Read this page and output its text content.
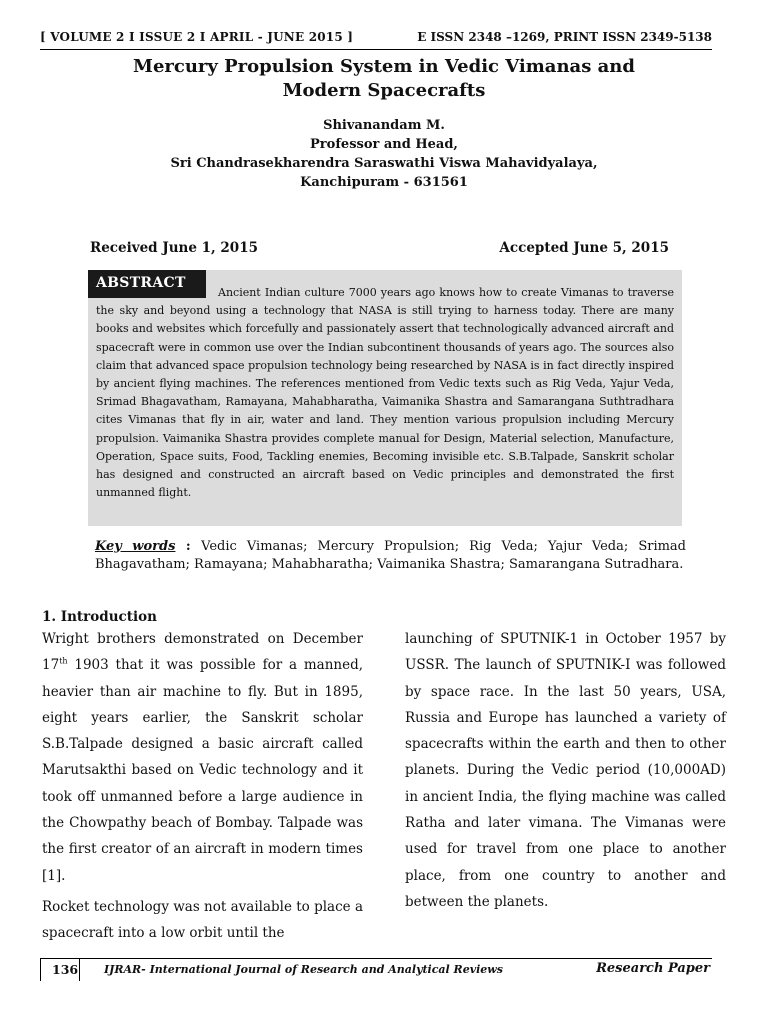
[ VOLUME 2 I ISSUE 2 I APRIL - JUNE 2015 ]	E ISSN 2348 –1269, PRINT ISSN 2349-5138
Mercury Propulsion System in Vedic Vimanas and
Modern Spacecrafts
Shivanandam M.
Professor and Head,
Sri Chandrasekharendra Saraswathi Viswa Mahavidyalaya,
Kanchipuram - 631561
Received June 1, 2015	Accepted June 5, 2015
Ancient Indian culture 7000 years ago knows how to create Vimanas to traverse the sky and beyond using a technology that NASA is still trying to harness today. There are many books and websites which forcefully and passionately assert that technologically advanced aircraft and spacecraft were in common use over the Indian subcontinent thousands of years ago. The sources also claim that advanced space propulsion technology being researched by NASA is in fact directly inspired by ancient flying machines. The references mentioned from Vedic texts such as Rig Veda, Yajur Veda, Srimad Bhagavatham, Ramayana, Mahabharatha, Vaimanika Shastra and Samarangana Suthtradhara cites Vimanas that fly in air, water and land. They mention various propulsion including Mercury propulsion. Vaimanika Shastra provides complete manual for Design, Material selection, Manufacture, Operation, Space suits, Food, Tackling enemies, Becoming invisible etc. S.B.Talpade, Sanskrit scholar has designed and constructed an aircraft based on Vedic principles and demonstrated the first unmanned flight.
ABSTRACT
Key words : Vedic Vimanas; Mercury Propulsion; Rig Veda; Yajur Veda; Srimad Bhagavatham; Ramayana; Mahabharatha; Vaimanika Shastra; Samarangana Sutradhara.
1. Introduction

Wright brothers demonstrated on December 17th 1903 that it was possible for a manned, heavier than air machine to fly. But in 1895, eight years earlier, the Sanskrit scholar S.B.Talpade designed a basic aircraft called Marutsakthi based on Vedic technology and it took off unmanned before a large audience in the Chowpathy beach of Bombay. Talpade was the first creator of an aircraft in modern times [1].

Rocket technology was not available to place a spacecraft into a low orbit until the

launching of SPUTNIK-1 in October 1957 by USSR. The launch of SPUTNIK-I was followed by space race. In the last 50 years, USA, Russia and Europe has launched a variety of spacecrafts within the earth and then to other planets. During the Vedic period (10,000AD) in ancient India, the flying machine was called Ratha and later vimana. The Vimanas were used for travel from one place to another place, from one country to another and between the planets.

136 IJRAR- International Journal of Research and Analytical Reviews	Research Paper
